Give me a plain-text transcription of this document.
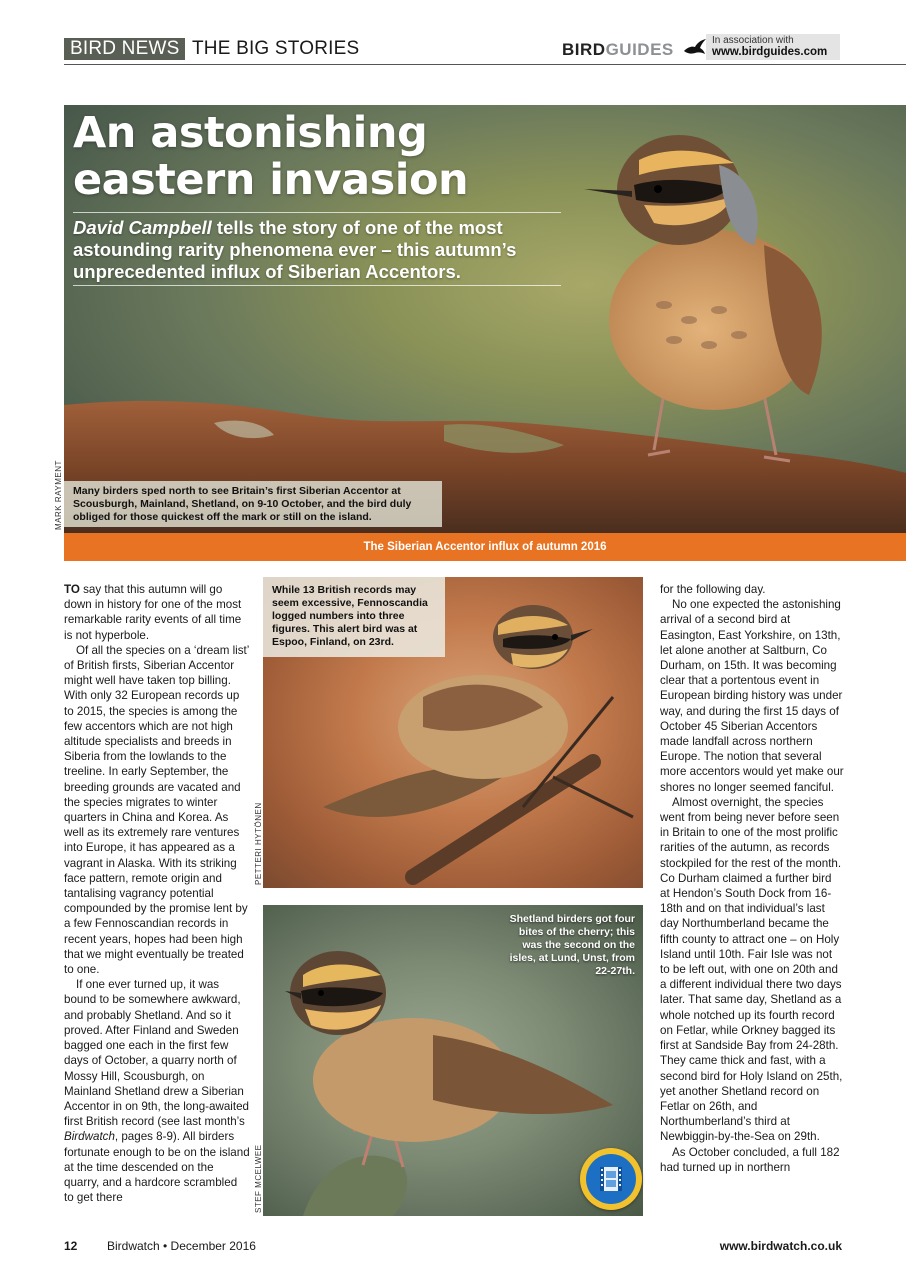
BIRD NEWS THE BIG STORIES	BIRDGUIDES	In association with
www.birdguides.com
An astonishing eastern invasion

David Campbell tells the story of one of the most astounding rarity phenomena ever – this autumn’s unprecedented influx of Siberian Accentors.

Many birders sped north to see Britain’s first Siberian Accentor at Scousburgh, Mainland, Shetland, on 9-10 October, and the bird duly obliged for those quickest off the mark or still on the island.
MARK RAYMENT
The Siberian Accentor influx of autumn 2016

TO say that this autumn will go down in history for one of the most remarkable rarity events of all time is not hyperbole.

Of all the species on a ‘dream list’ of British firsts, Siberian Accentor might well have taken top billing. With only 32 European records up to 2015, the species is among the few accentors which are not high altitude specialists and breeds in Siberia from the lowlands to the treeline. In early September, the breeding grounds are vacated and the species migrates to winter quarters in China and Korea. As well as its extremely rare ventures into Europe, it has appeared as a vagrant in Alaska. With its striking face pattern, remote origin and tantalising vagrancy potential compounded by the promise lent by a few Fennoscandian records in recent years, hopes had been high that we might eventually be treated to one.

If one ever turned up, it was bound to be somewhere awkward, and probably Shetland. And so it proved. After Finland and Sweden bagged one each in the first few days of October, a quarry north of Mossy Hill, Scousburgh, on Mainland Shetland drew a Siberian Accentor in on 9th, the long-awaited first British record (see last month’s Birdwatch, pages 8-9). All birders fortunate enough to be on the island at the time descended on the quarry, and a hardcore scrambled to get there

While 13 British records may seem excessive, Fennoscandia logged numbers into three figures. This alert bird was at Espoo, Finland, on 23rd.
PETTERI HYTÖNEN
Shetland birders got four bites of the cherry; this was the second on the isles, at Lund, Unst, from 22-27th.
STEF MCELWEE

for the following day.

No one expected the astonishing arrival of a second bird at Easington, East Yorkshire, on 13th, let alone another at Saltburn, Co Durham, on 15th. It was becoming clear that a portentous event in European birding history was under way, and during the first 15 days of October 45 Siberian Accentors made landfall across northern Europe. The notion that several more accentors would yet make our shores no longer seemed fanciful.

Almost overnight, the species went from being never before seen in Britain to one of the most prolific rarities of the autumn, as records stockpiled for the rest of the month. Co Durham claimed a further bird at Hendon’s South Dock from 16-18th and on that individual’s last day Northumberland became the fifth county to attract one – on Holy Island until 10th. Fair Isle was not to be left out, with one on 20th and a different individual there two days later. That same day, Shetland as a whole notched up its fourth record on Fetlar, while Orkney bagged its first at Sandside Bay from 24-28th. They came thick and fast, with a second bird for Holy Island on 25th, yet another Shetland record on Fetlar on 26th, and Northumberland’s third at Newbiggin-by-the-Sea on 29th.

As October concluded, a full 182 had turned up in northern

12 Birdwatch • December 2016	www.birdwatch.co.uk
